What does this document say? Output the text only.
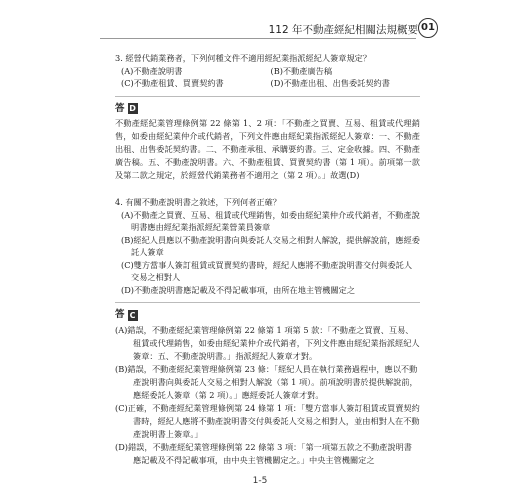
112 年不動產經紀相關法規概要 01
3. 經營代銷業務者，下列何種文件不適用經紀業指派經紀人簽章規定？
(A)不動產說明書	(B)不動產廣告稿
(C)不動產租賃、買賣契約書	(D)不動產出租、出售委託契約書
答 D

不動產經紀業管理條例第 22 條第 1、2 項：「不動產之買賣、互易、租賃或代理銷售，如委由經紀業仲介或代銷者，下列文件應由經紀業指派經紀人簽章：一、不動產出租、出售委託契約書。二、不動產承租、承購要約書。三、定金收據。四、不動產廣告稿。五、不動產說明書。六、不動產租賃、買賣契約書（第 1 項）。前項第一款及第二款之規定，於經營代銷業務者不適用之（第 2 項）。」故選(D)

4. 有關不動產說明書之敘述，下列何者正確？
(A)不動產之買賣、互易、租賃或代理銷售，如委由經紀業仲介或代銷者，不動產說明書應由經紀業指派經紀業營業員簽章
(B)經紀人員應以不動產說明書向與委託人交易之相對人解說，提供解說前，應經委託人簽章
(C)雙方當事人簽訂租賃或買賣契約書時，經紀人應將不動產說明書交付與委託人交易之相對人
(D)不動產說明書應記載及不得記載事項，由所在地主管機關定之
答 C
(A)錯誤，不動產經紀業管理條例第 22 條第 1 項第 5 款：「不動產之買賣、互易、租賃或代理銷售，如委由經紀業仲介或代銷者，下列文件應由經紀業指派經紀人簽章：五、不動產說明書。」指派經紀人簽章才對。
(B)錯誤，不動產經紀業管理條例第 23 條：「經紀人員在執行業務過程中，應以不動產說明書向與委託人交易之相對人解說（第 1 項）。前項說明書於提供解說前，應經委託人簽章（第 2 項）。」應經委託人簽章才對。
(C)正確，不動產經紀業管理條例第 24 條第 1 項：「雙方當事人簽訂租賃或買賣契約書時，經紀人應將不動產說明書交付與委託人交易之相對人，並由相對人在不動產說明書上簽章。」
(D)錯誤，不動產經紀業管理條例第 22 條第 3 項：「第一項第五款之不動產說明書應記載及不得記載事項，由中央主管機關定之。」中央主管機關定之
1-5
